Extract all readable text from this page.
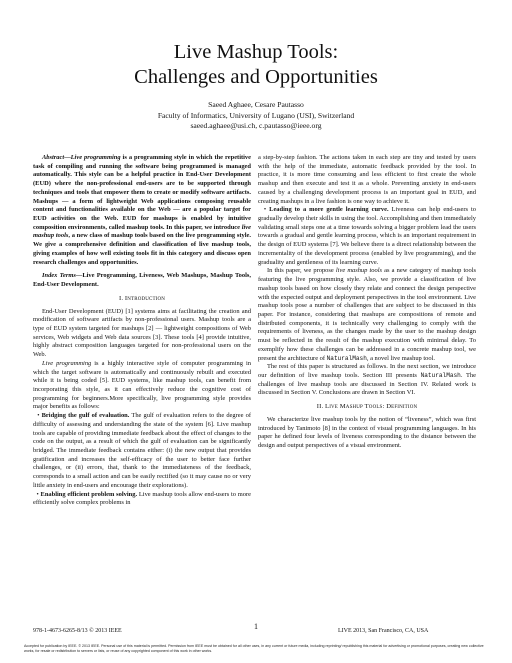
Live Mashup Tools:
Challenges and Opportunities
Saeed Aghaee, Cesare Pautasso
Faculty of Informatics, University of Lugano (USI), Switzerland
saeed.aghaee@usi.ch, c.pautasso@ieee.org

Abstract—Live programming is a programming style in which the repetitive task of compiling and running the software being programmed is managed automatically. This style can be a helpful practice in End-User Development (EUD) where the non-professional end-users are to be supported through techniques and tools that empower them to create or modify software artifacts. Mashups — a form of lightweight Web applications composing reusable content and functionalities available on the Web — are a popular target for EUD activities on the Web. EUD for mashups is enabled by intuitive composition environments, called mashup tools. In this paper, we introduce live mashup tools, a new class of mashup tools based on the live programming style. We give a comprehensive definition and classification of live mashup tools, giving examples of how well existing tools fit in this category and discuss open research challenges and opportunities.

Index Terms—Live Programming, Liveness, Web Mashups, Mashup Tools, End-User Development.

I. Introduction

End-User Development (EUD) [1] systems aims at facilitating the creation and modification of software artifacts by non-professional users. Mashup tools are a type of EUD system targeted for mashups [2] — lightweight compositions of Web services, Web widgets and Web data sources [3]. These tools [4] provide intuitive, highly abstract composition languages targeted for non-professional users on the Web.

Live programming is a highly interactive style of computer programming in which the target software is automatically and continuously rebuilt and executed while it is being coded [5]. EUD systems, like mashup tools, can benefit from incorporating this style, as it can effectively reduce the cognitive cost of programming for beginners.More specifically, live programming style provides major benefits as follows:

• Bridging the gulf of evaluation. The gulf of evaluation refers to the degree of difficulty of assessing and understanding the state of the system [6]. Live mashup tools are capable of providing immediate feedback about the effect of changes to the code on the output, as a result of which the gulf of evaluation can be significantly bridged. The immediate feedback contains either: (i) the new output that provides gratification and increases the self-efficacy of the user to better face further challenges, or (ii) errors, that, thank to the immediateness of the feedback, corresponds to a small action and can be easily rectified (so it may cause no or very little anxiety in end-users and encourage their explorations).

• Enabling efficient problem solving. Live mashup tools allow end-users to more efficiently solve complex problems in

a step-by-step fashion. The actions taken in each step are tiny and tested by users with the help of the immediate, automatic feedback provided by the tool. In practice, it is more time consuming and less efficient to first create the whole mashup and then execute and test it as a whole. Preventing anxiety in end-users caused by a challenging development process is an important goal in EUD, and creating mashups in a live fashion is one way to achieve it.

• Leading to a more gentle learning curve. Liveness can help end-users to gradually develop their skills in using the tool. Accomplishing and then immediately validating small steps one at a time towards solving a bigger problem lead the users towards a gradual and gentle learning process, which is an important requirement in the design of EUD systems [7]. We believe there is a direct relationship between the incrementality of the development process (enabled by live programming), and the graduality and gentleness of its learning curve.

In this paper, we propose live mashup tools as a new category of mashup tools featuring the live programming style. Also, we provide a classification of live mashup tools based on how closely they relate and connect the design perspective with the expected output and deployment perspectives in the tool environment. Live mashup tools pose a number of challenges that are subject to be discussed in this paper. For instance, considering that mashups are compositions of remote and distributed components, it is technically very challenging to comply with the requirements of liveness, as the changes made by the user to the mashup design must be reflected in the result of the mashup execution with minimal delay. To exemplify how these challenges can be addressed in a concrete mashup tool, we present the architecture of NaturalMash, a novel live mashup tool.

The rest of this paper is structured as follows. In the next section, we introduce our definition of live mashup tools. Section III presents NaturalMash. The challenges of live mashup tools are discussed in Section IV. Related work is discussed in Section V. Conclusions are drawn in Section VI.

II. Live Mashup Tools: Definition

We characterize live mashup tools by the notion of “liveness”, which was first introduced by Tanimoto [8] in the context of visual programming languages. In his paper he defined four levels of liveness corresponding to the distance between the design and output perspectives of a visual environment.

1
978-1-4673-6265-8/13 © 2013 IEEE	LIVE 2013, San Francisco, CA, USA
Accepted for publication by IEEE. © 2013 IEEE. Personal use of this material is permitted. Permission from IEEE must be obtained for all other uses, in any current or future media, including reprinting/ republishing this material for advertising or promotional purposes, creating new collective works, for resale or redistribution to servers or lists, or reuse of any copyrighted component of this work in other works.
